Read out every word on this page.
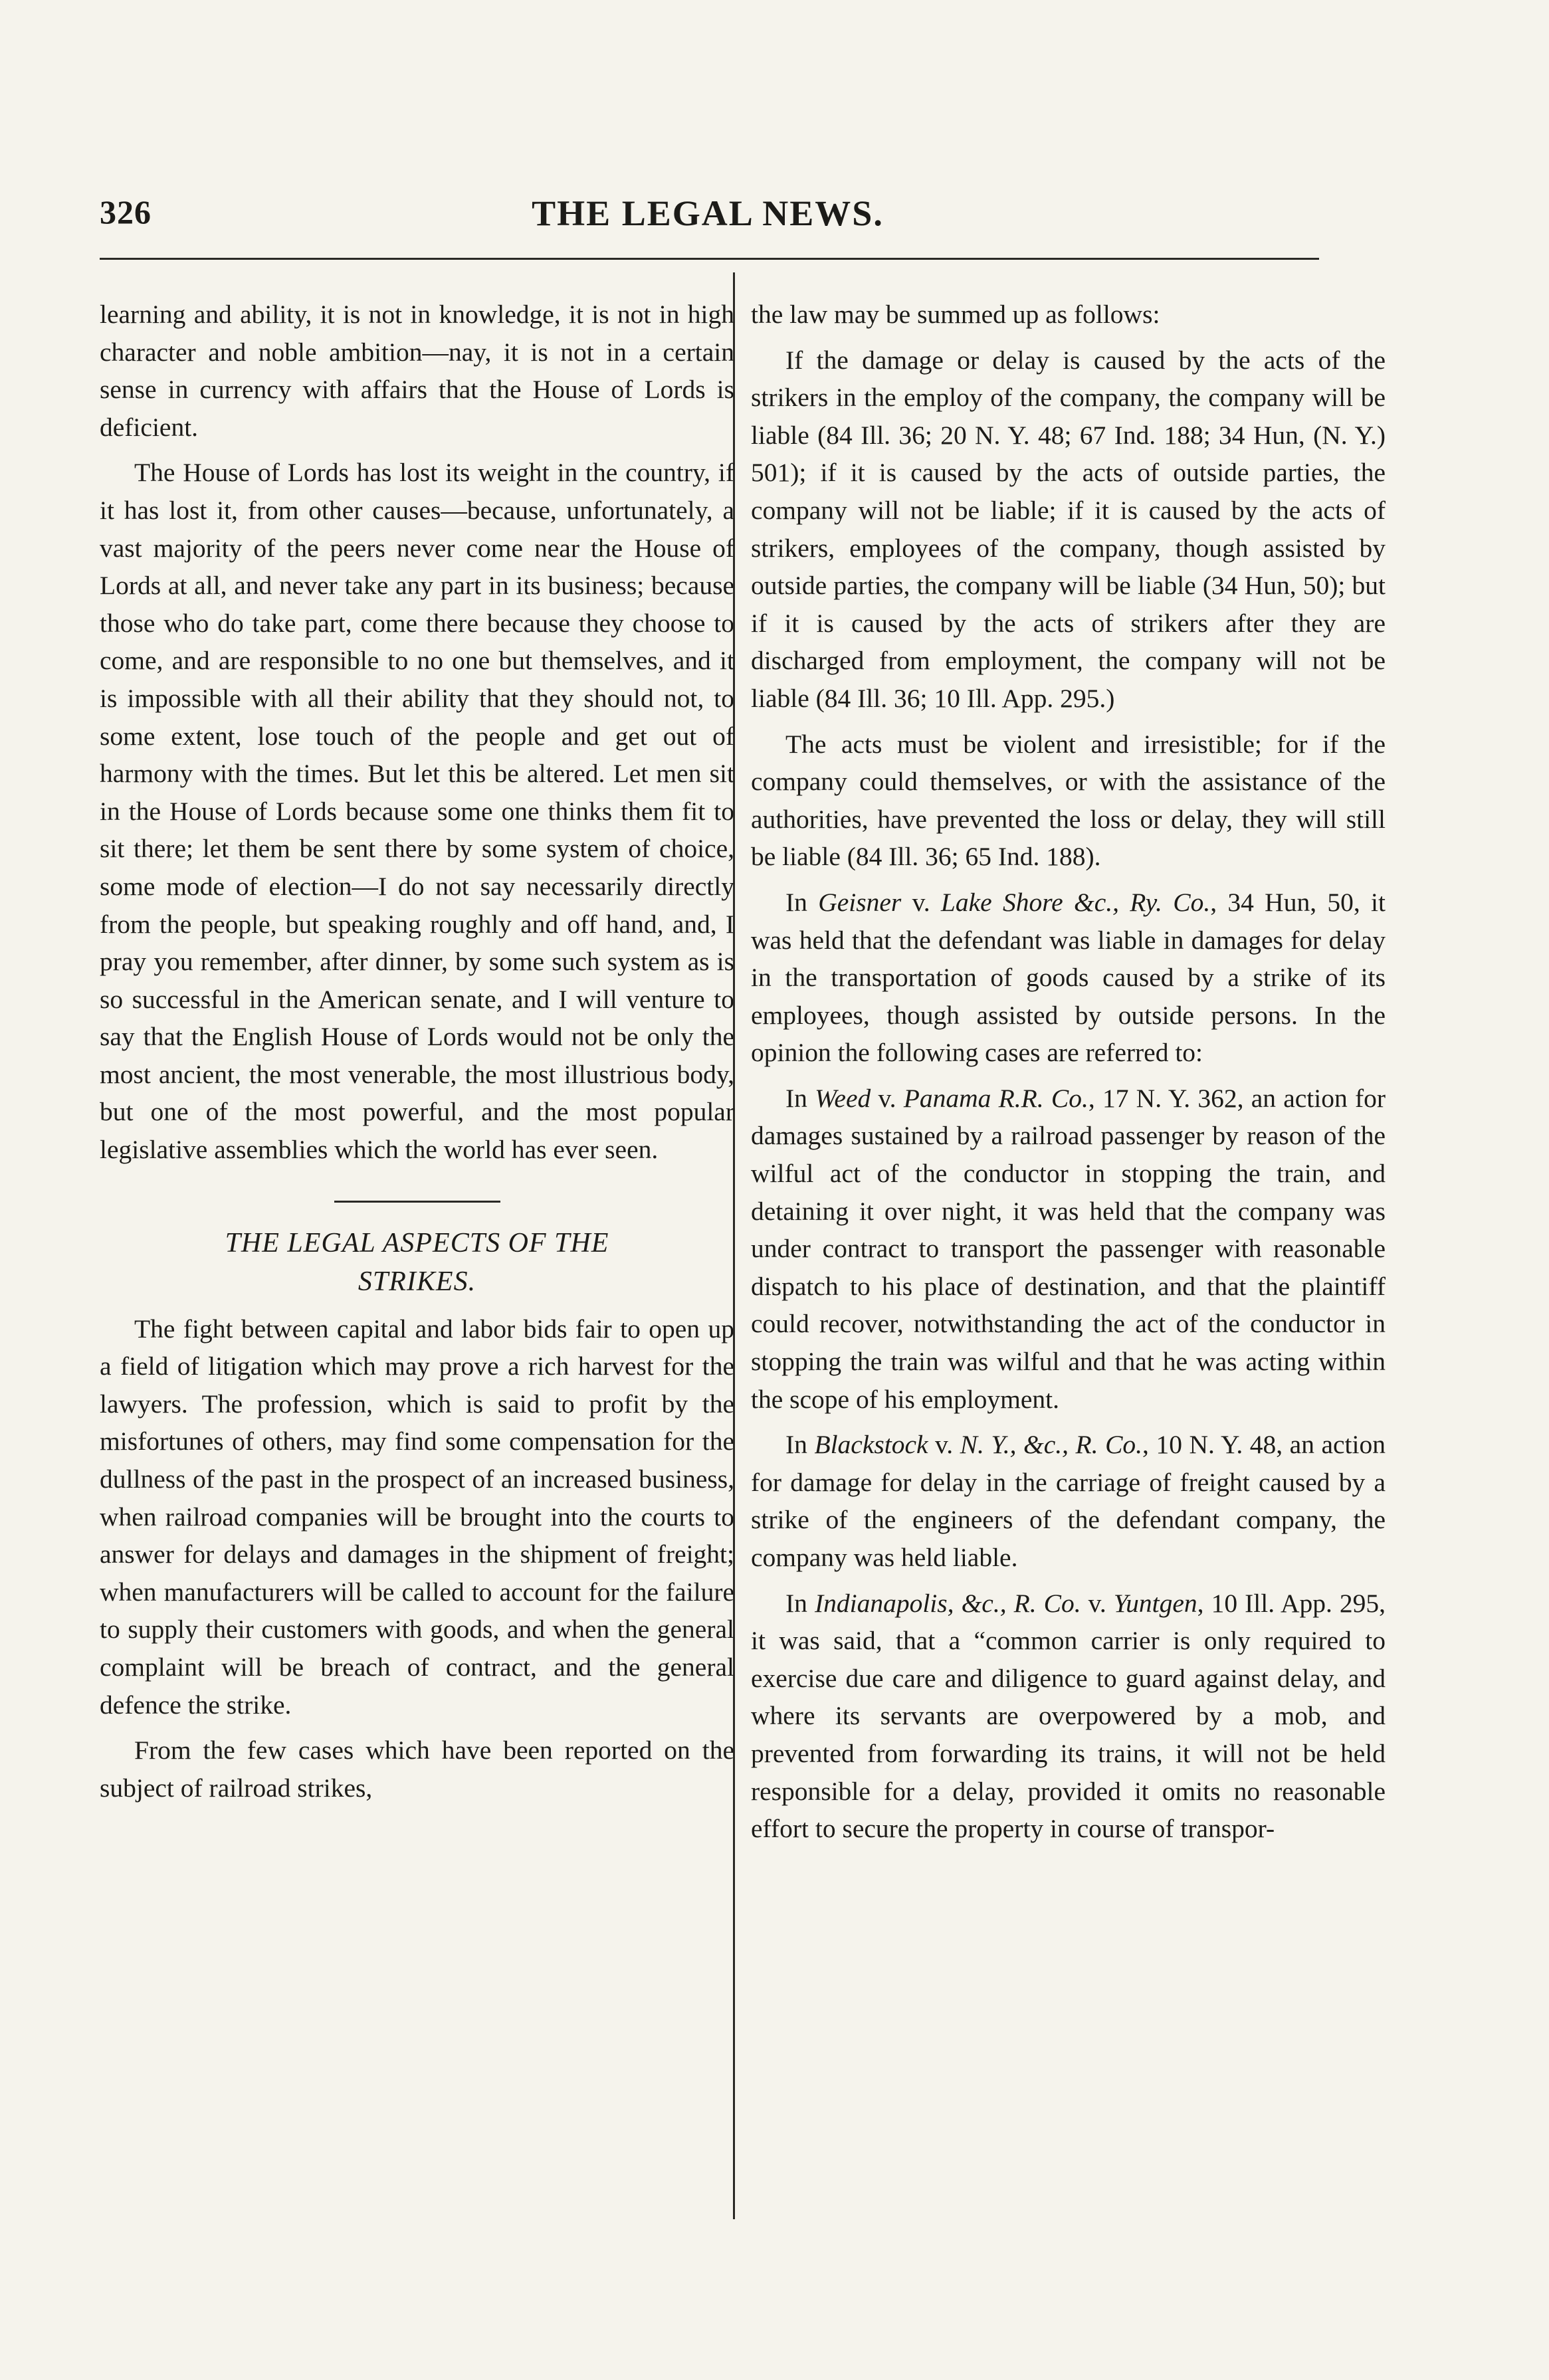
326	THE LEGAL NEWS.

learning and ability, it is not in knowledge, it is not in high character and noble ambition—nay, it is not in a certain sense in currency with affairs that the House of Lords is deficient.

The House of Lords has lost its weight in the country, if it has lost it, from other causes—because, unfortunately, a vast majority of the peers never come near the House of Lords at all, and never take any part in its business; because those who do take part, come there because they choose to come, and are responsible to no one but themselves, and it is impossible with all their ability that they should not, to some extent, lose touch of the people and get out of harmony with the times. But let this be altered. Let men sit in the House of Lords because some one thinks them fit to sit there; let them be sent there by some system of choice, some mode of election—I do not say necessarily directly from the people, but speaking roughly and off hand, and, I pray you remember, after dinner, by some such system as is so successful in the American senate, and I will venture to say that the English House of Lords would not be only the most ancient, the most venerable, the most illustrious body, but one of the most powerful, and the most popular legislative assemblies which the world has ever seen.

THE LEGAL ASPECTS OF THE
STRIKES.

The fight between capital and labor bids fair to open up a field of litigation which may prove a rich harvest for the lawyers. The profession, which is said to profit by the misfortunes of others, may find some compensation for the dullness of the past in the prospect of an increased business, when railroad companies will be brought into the courts to answer for delays and damages in the shipment of freight; when manufacturers will be called to account for the failure to supply their customers with goods, and when the general complaint will be breach of contract, and the general defence the strike.

From the few cases which have been reported on the subject of railroad strikes,

the law may be summed up as follows:

If the damage or delay is caused by the acts of the strikers in the employ of the company, the company will be liable (84 Ill. 36; 20 N. Y. 48; 67 Ind. 188; 34 Hun, (N. Y.) 501); if it is caused by the acts of outside parties, the company will not be liable; if it is caused by the acts of strikers, employees of the company, though assisted by outside parties, the company will be liable (34 Hun, 50); but if it is caused by the acts of strikers after they are discharged from employment, the company will not be liable (84 Ill. 36; 10 Ill. App. 295.)

The acts must be violent and irresistible; for if the company could themselves, or with the assistance of the authorities, have prevented the loss or delay, they will still be liable (84 Ill. 36; 65 Ind. 188).

In Geisner v. Lake Shore &c., Ry. Co., 34 Hun, 50, it was held that the defendant was liable in damages for delay in the transportation of goods caused by a strike of its employees, though assisted by outside persons. In the opinion the following cases are referred to:

In Weed v. Panama R.R. Co., 17 N. Y. 362, an action for damages sustained by a railroad passenger by reason of the wilful act of the conductor in stopping the train, and detaining it over night, it was held that the company was under contract to transport the passenger with reasonable dispatch to his place of destination, and that the plaintiff could recover, notwithstanding the act of the conductor in stopping the train was wilful and that he was acting within the scope of his employment.

In Blackstock v. N. Y., &c., R. Co., 10 N. Y. 48, an action for damage for delay in the carriage of freight caused by a strike of the engineers of the defendant company, the company was held liable.

In Indianapolis, &c., R. Co. v. Yuntgen, 10 Ill. App. 295, it was said, that a “common carrier is only required to exercise due care and diligence to guard against delay, and where its servants are overpowered by a mob, and prevented from forwarding its trains, it will not be held responsible for a delay, provided it omits no reasonable effort to secure the property in course of transpor-
